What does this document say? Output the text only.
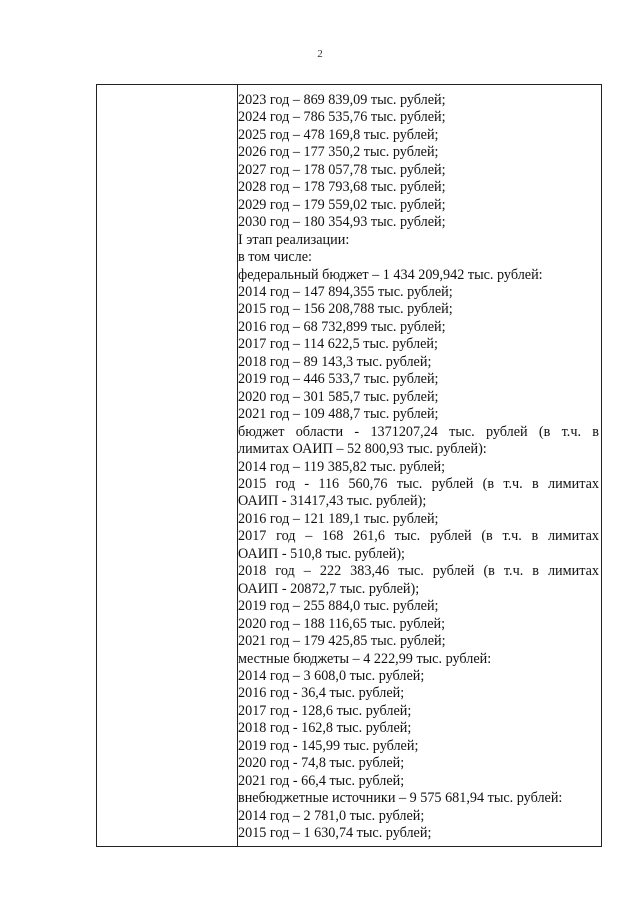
2
2023 год – 869 839,09 тыс. рублей;
2024 год – 786 535,76 тыс. рублей;
2025 год – 478 169,8 тыс. рублей;
2026 год – 177 350,2 тыс. рублей;
2027 год – 178 057,78 тыс. рублей;
2028 год – 178 793,68 тыс. рублей;
2029 год – 179 559,02 тыс. рублей;
2030 год – 180 354,93 тыс. рублей;
I этап реализации:
в том числе:
федеральный бюджет – 1 434 209,942 тыс. рублей:
2014 год – 147 894,355 тыс. рублей;
2015 год – 156 208,788 тыс. рублей;
2016 год – 68 732,899 тыс. рублей;
2017 год – 114 622,5 тыс. рублей;
2018 год – 89 143,3 тыс. рублей;
2019 год – 446 533,7 тыс. рублей;
2020 год – 301 585,7 тыс. рублей;
2021 год – 109 488,7 тыс. рублей;
бюджет области - 1371207,24 тыс. рублей (в т.ч. в
лимитах ОАИП – 52 800,93 тыс. рублей):
2014 год – 119 385,82 тыс. рублей;
2015 год - 116 560,76 тыс. рублей (в т.ч. в лимитах
ОАИП - 31417,43 тыс. рублей);
2016 год – 121 189,1 тыс. рублей;
2017 год – 168 261,6 тыс. рублей (в т.ч. в лимитах
ОАИП - 510,8 тыс. рублей);
2018 год – 222 383,46 тыс. рублей (в т.ч. в лимитах
ОАИП - 20872,7 тыс. рублей);
2019 год – 255 884,0 тыс. рублей;
2020 год – 188 116,65 тыс. рублей;
2021 год – 179 425,85 тыс. рублей;
местные бюджеты – 4 222,99 тыс. рублей:
2014 год – 3 608,0 тыс. рублей;
2016 год - 36,4 тыс. рублей;
2017 год - 128,6 тыс. рублей;
2018 год - 162,8 тыс. рублей;
2019 год - 145,99 тыс. рублей;
2020 год - 74,8 тыс. рублей;
2021 год - 66,4 тыс. рублей;
внебюджетные источники – 9 575 681,94 тыс. рублей:
2014 год – 2 781,0 тыс. рублей;
2015 год – 1 630,74 тыс. рублей;
